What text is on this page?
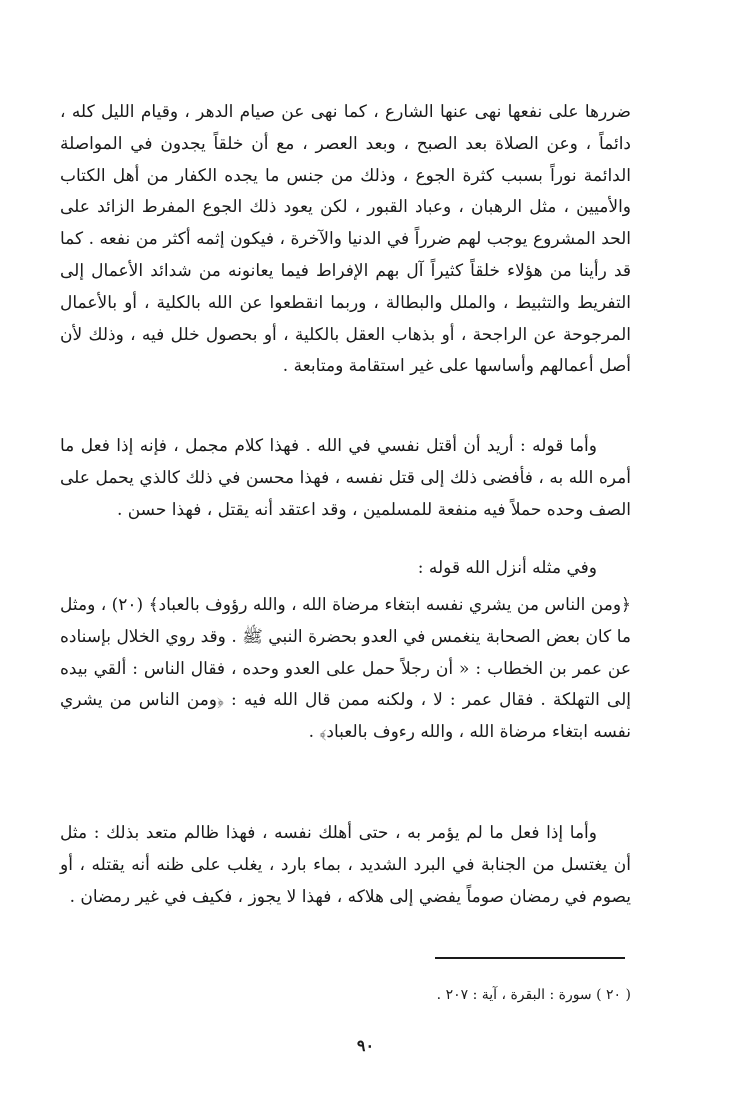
ضررها على نفعها نهى عنها الشارع ، كما نهى عن صيام الدهر ، وقيام الليل كله ، دائماً ، وعن الصلاة بعد الصبح ، وبعد العصر ، مع أن خلقاً يجدون في المواصلة الدائمة نوراً بسبب كثرة الجوع ، وذلك من جنس ما يجده الكفار من أهل الكتاب والأميين ، مثل الرهبان ، وعباد القبور ، لكن يعود ذلك الجوع المفرط الزائد على الحد المشروع يوجب لهم ضرراً في الدنيا والآخرة ، فيكون إثمه أكثر من نفعه . كما قد رأينا من هؤلاء خلقاً كثيراً آل بهم الإفراط فيما يعانونه من شدائد الأعمال إلى التفريط والتثبيط ، والملل والبطالة ، وربما انقطعوا عن الله بالكلية ، أو بالأعمال المرجوحة عن الراجحة ، أو بذهاب العقل بالكلية ، أو بحصول خلل فيه ، وذلك لأن أصل أعمالهم وأساسها على غير استقامة ومتابعة .

وأما قوله : أريد أن أقتل نفسي في الله . فهذا كلام مجمل ، فإنه إذا فعل ما أمره الله به ، فأفضى ذلك إلى قتل نفسه ، فهذا محسن في ذلك كالذي يحمل على الصف وحده حملاً فيه منفعة للمسلمين ، وقد اعتقد أنه يقتل ، فهذا حسن .

وفي مثله أنزل الله قوله :

﴿ومن الناس من يشري نفسه ابتغاء مرضاة الله ، والله رؤوف بالعباد﴾ (٢٠) ، ومثل ما كان بعض الصحابة ينغمس في العدو بحضرة النبي ﷺ . وقد روي الخلال بإسناده عن عمر بن الخطاب : « أن رجلاً حمل على العدو وحده ، فقال الناس : ألقي بيده إلى التهلكة . فقال عمر : لا ، ولكنه ممن قال الله فيه : ﴿ومن الناس من يشري نفسه ابتغاء مرضاة الله ، والله رءوف بالعباد﴾ .

وأما إذا فعل ما لم يؤمر به ، حتى أهلك نفسه ، فهذا ظالم متعد بذلك : مثل أن يغتسل من الجنابة في البرد الشديد ، بماء بارد ، يغلب على ظنه أنه يقتله ، أو يصوم في رمضان صوماً يفضي إلى هلاكه ، فهذا لا يجوز ، فكيف في غير رمضان .

( ٢٠ ) سورة : البقرة ، آية : ٢٠٧ .
٩٠
